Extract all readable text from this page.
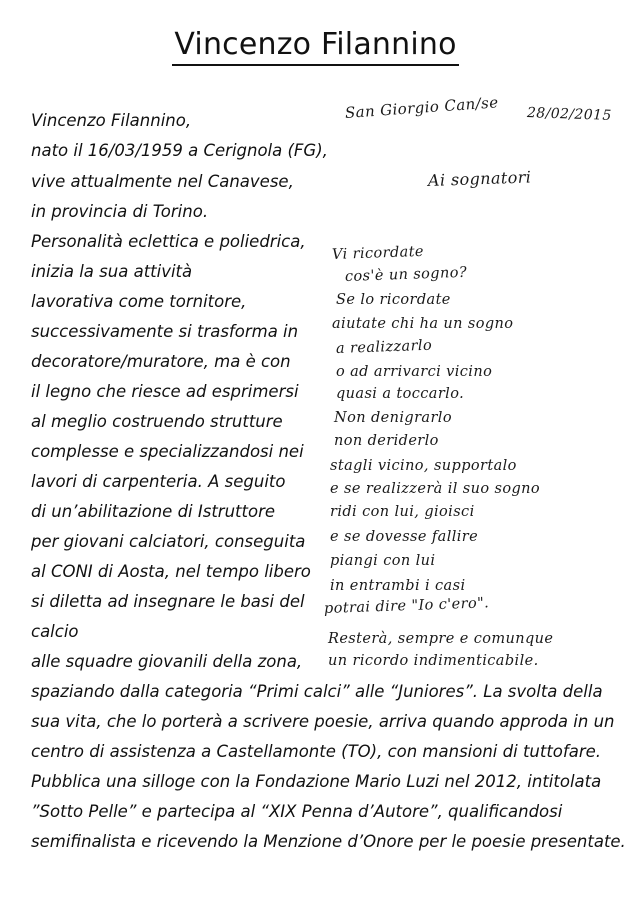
Vincenzo Filannino
Vincenzo Filannino,
nato il 16/03/1959 a Cerignola (FG),
vive attualmente nel Canavese,
in provincia di Torino.
Personalità eclettica e poliedrica,
inizia la sua attività
lavorativa come tornitore,
successivamente si trasforma in
decoratore/muratore, ma è con
il legno che riesce ad esprimersi
al meglio costruendo strutture
complesse e specializzandosi nei
lavori di carpenteria. A seguito
di un’abilitazione di Istruttore
per giovani calciatori, conseguita
al CONI di Aosta, nel tempo libero
si diletta ad insegnare le basi del
calcio
alle squadre giovanili della zona,
spaziando dalla categoria “Primi calci” alle “Juniores”. La svolta della
sua vita, che lo porterà a scrivere poesie, arriva quando approda in un
centro di assistenza a Castellamonte (TO), con mansioni di tuttofare.
Pubblica una silloge con la Fondazione Mario Luzi nel 2012, intitolata
”Sotto Pelle” e partecipa al “XIX Penna d’Autore”, qualificandosi
semifinalista e ricevendo la Menzione d’Onore per le poesie presentate.
San Giorgio Can/se 28/02/2015
Ai sognatori
Vi ricordate
cos'è un sogno?
Se lo ricordate
aiutate chi ha un sogno
a realizzarlo
o ad arrivarci vicino
quasi a toccarlo.
Non denigrarlo
non deriderlo
stagli vicino, supportalo
e se realizzerà il suo sogno
ridi con lui, gioisci
e se dovesse fallire
piangi con lui
in entrambi i casi
potrai dire "Io c'ero".
Resterà, sempre e comunque
un ricordo indimenticabile.
